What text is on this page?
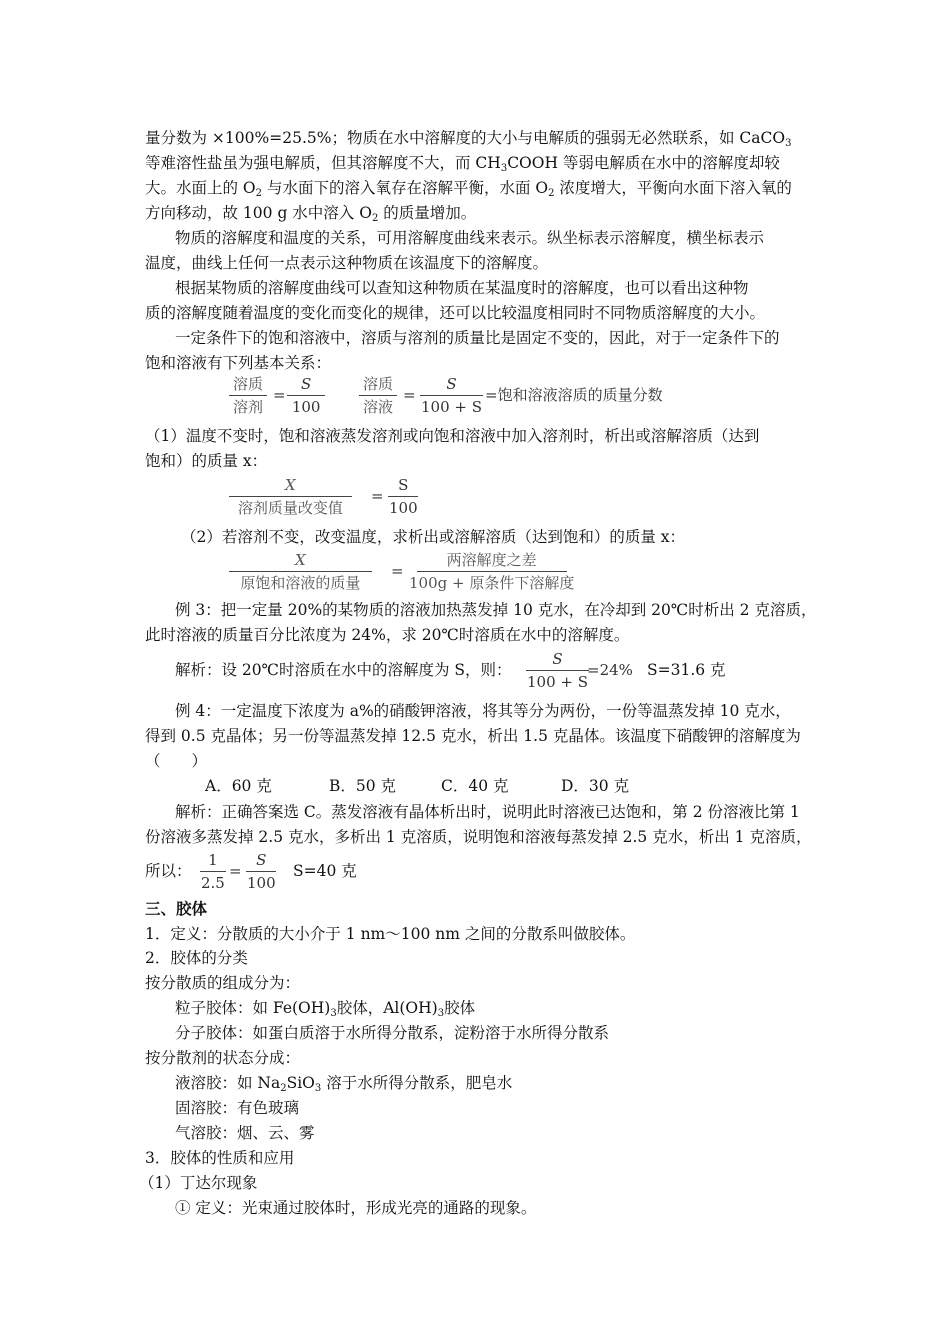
量分数为 ×100%=25.5%；物质在水中溶解度的大小与电解质的强弱无必然联系，如 CaCO$_3$
等难溶性盐虽为强电解质，但其溶解度不大，而 $CH_3COOH$ 等弱电解质在水中的溶解度却较
大。水面上的 $O_2$ 与水面下的溶入氧存在溶解平衡，水面 $O_2$ 浓度增大，平衡向水面下溶入氧的
方向移动，故 100 g 水中溶入 $O_2$ 的质量增加。
物质的溶解度和温度的关系，可用溶解度曲线来表示。纵坐标表示溶解度，横坐标表示
温度，曲线上任何一点表示这种物质在该温度下的溶解度。
根据某物质的溶解度曲线可以查知这种物质在某温度时的溶解度，也可以看出这种物
质的溶解度随着温度的变化而变化的规律，还可以比较温度相同时不同物质溶解度的大小。
一定条件下的饱和溶液中，溶质与溶剂的质量比是固定不变的，因此，对于一定条件下的
饱和溶液有下列基本关系：
溶质
溶剂
= $\frac{S}{100}$	溶质
溶液
= $\frac{S}{100 + S}$
=饱和溶液溶质的质量分数
（1）温度不变时，饱和溶液蒸发溶剂或向饱和溶液中加入溶剂时，析出或溶解溶质（达到
饱和）的质量 x：
X
溶剂质量改变值
= $\frac{S}{100}$
（2）若溶剂不变，改变温度，求析出或溶解溶质（达到饱和）的质量 x：
X
原饱和溶液的质量
=
两溶解度之差
100g + 原条件下溶解度
例 3：把一定量 20%的某物质的溶液加热蒸发掉 10 克水，在冷却到 20℃时析出 2 克溶质，
此时溶液的质量百分比浓度为 24%，求 20℃时溶质在水中的溶解度。
解析：设 20℃时溶质在水中的溶解度为 S，则： $\frac{S}{100 + S}$
=24% S=31.6 克
例 4：一定温度下浓度为 a%的硝酸钾溶液，将其等分为两份，一份等温蒸发掉 10 克水，
得到 0.5 克晶体；另一份等温蒸发掉 12.5 克水，析出 1.5 克晶体。该温度下硝酸钾的溶解度为
（　　）
A．60 克	B．50 克	C．40 克	D．30 克
解析：正确答案选 C。蒸发溶液有晶体析出时，说明此时溶液已达饱和，第 2 份溶液比第 1
份溶液多蒸发掉 2.5 克水，多析出 1 克溶质，说明饱和溶液每蒸发掉 2.5 克水，析出 1 克溶质，
所以： $\frac{1}{2.5} = \frac{S}{100} S=40$ 克
三、胶体
1．定义：分散质的大小介于 1 nm～100 nm 之间的分散系叫做胶体。
2．胶体的分类
按分散质的组成分为：
粒子胶体：如 $Fe(OH)_3$胶体，$Al(OH)_3$胶体
分子胶体：如蛋白质溶于水所得分散系，淀粉溶于水所得分散系
按分散剂的状态分成：
液溶胶：如 $Na_2SiO_3$ 溶于水所得分散系，肥皂水
固溶胶：有色玻璃
气溶胶：烟、云、雾
3．胶体的性质和应用
（1）丁达尔现象
① 定义：光束通过胶体时，形成光亮的通路的现象。
